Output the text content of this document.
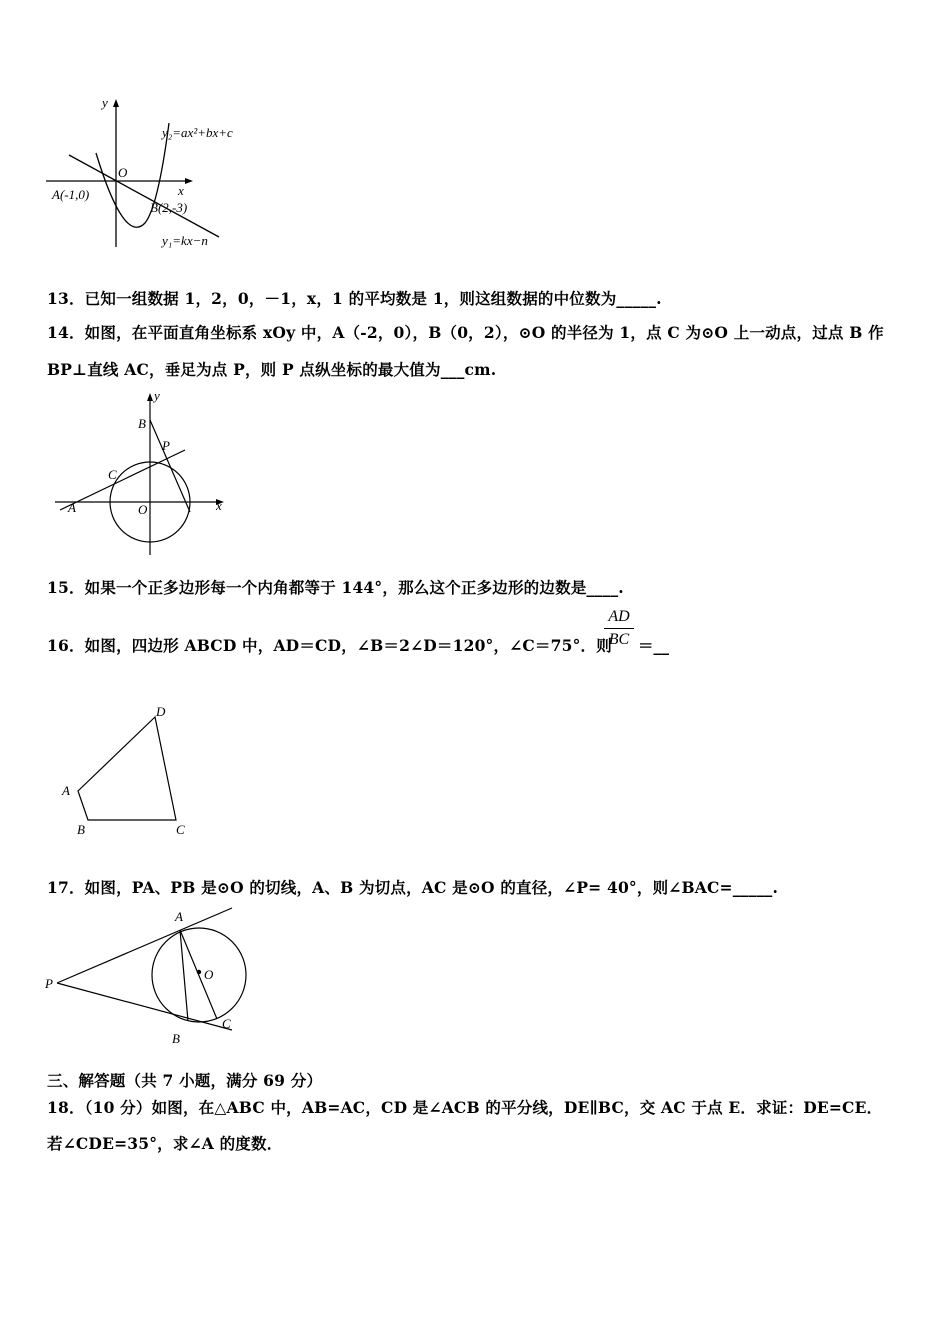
y
x
O
A(-1,0)
B(2,-3)
y₂=ax²+bx+c
y₁=kx−n
13．已知一组数据 1，2，0，－1，x，1 的平均数是 1，则这组数据的中位数为_____.
14．如图，在平面直角坐标系 xOy 中，A（-2，0），B（0，2），⊙O 的半径为 1，点 C 为⊙O 上一动点，过点 B 作
BP⊥直线 AC，垂足为点 P，则 P 点纵坐标的最大值为___cm.
y
x
B
P
C
A	O
15．如果一个正多边形每一个内角都等于 144°，那么这个正多边形的边数是____.
16．如图，四边形 ABCD 中，AD＝CD，∠B＝2∠D＝120°，∠C＝75°．则
$\frac{AD}{BC}$ ＝__
D
A
B	C
17．如图，PA、PB 是⊙O 的切线，A、B 为切点，AC 是⊙O 的直径，∠P= 40°，则∠BAC=_____.
A
O
P
B
C
三、解答题（共 7 小题，满分 69 分）
18．（10 分）如图，在△ABC 中，AB=AC，CD 是∠ACB 的平分线，DE∥BC，交 AC 于点 E．求证：DE=CE．
若∠CDE=35°，求∠A 的度数．
